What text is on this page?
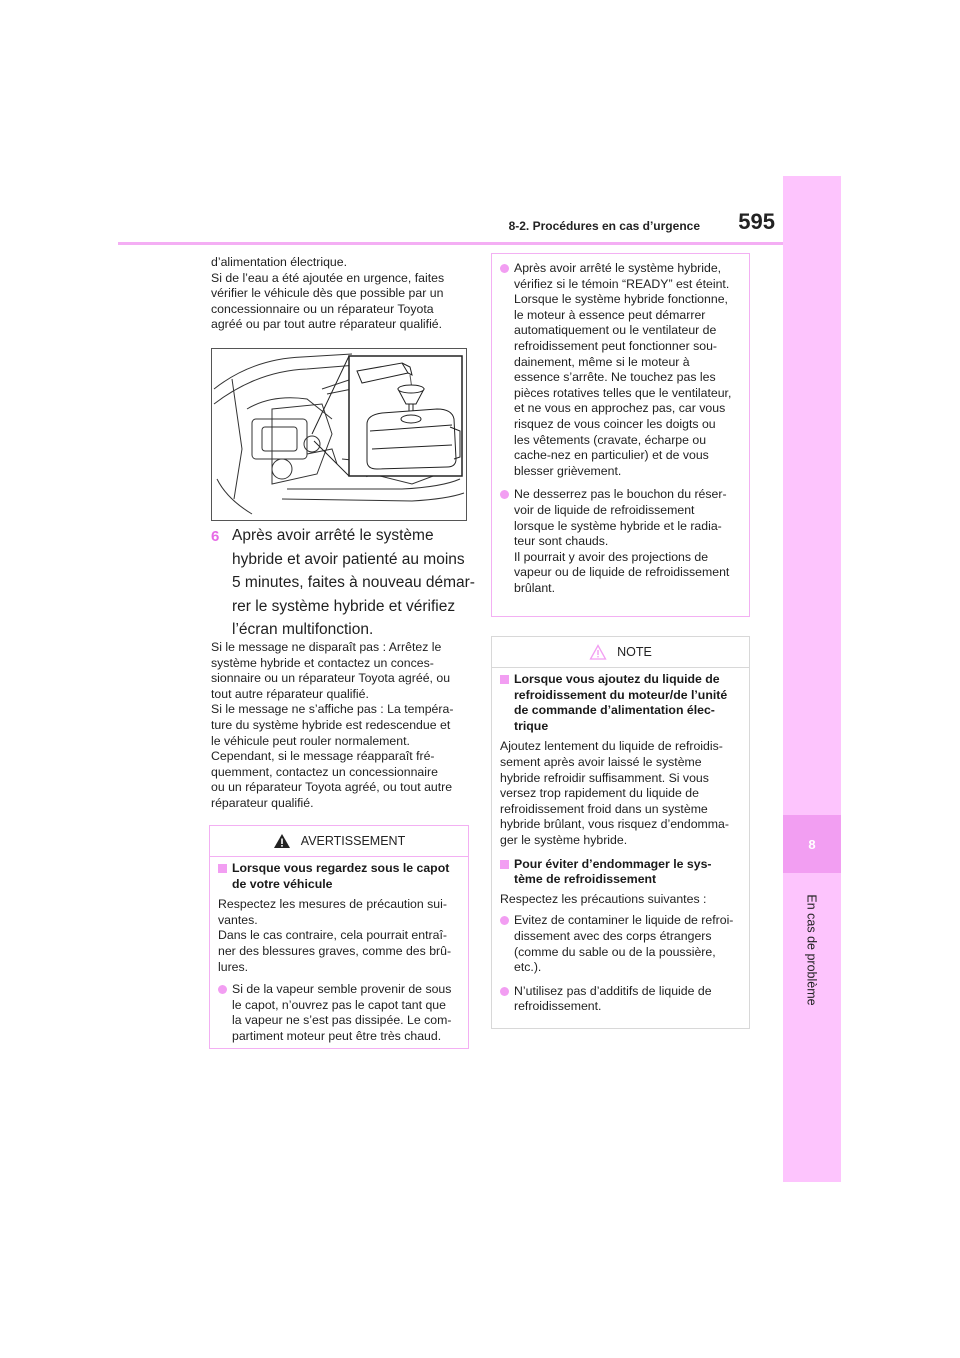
8-2. Procédures en cas d’urgence	595
8
En cas de problème
d’alimentation électrique.
Si de l’eau a été ajoutée en urgence, faites
vérifier le véhicule dès que possible par un
concessionnaire ou un réparateur Toyota
agréé ou par tout autre réparateur qualifié.
6 Après avoir arrêté le système
hybride et avoir patienté au moins
5 minutes, faites à nouveau démar-
rer le système hybride et vérifiez
l’écran multifonction.
Si le message ne disparaît pas : Arrêtez le
système hybride et contactez un conces-
sionnaire ou un réparateur Toyota agréé, ou
tout autre réparateur qualifié.
Si le message ne s’affiche pas : La tempéra-
ture du système hybride est redescendue et
le véhicule peut rouler normalement.
Cependant, si le message réapparaît fré-
quemment, contactez un concessionnaire
ou un réparateur Toyota agréé, ou tout autre
réparateur qualifié.
AVERTISSEMENT
Lorsque vous regardez sous le capot
de votre véhicule
Respectez les mesures de précaution sui-
vantes.
Dans le cas contraire, cela pourrait entraî-
ner des blessures graves, comme des brû-
lures.
Si de la vapeur semble provenir de sous
le capot, n’ouvrez pas le capot tant que
la vapeur ne s’est pas dissipée. Le com-
partiment moteur peut être très chaud.
Après avoir arrêté le système hybride,
vérifiez si le témoin “READY” est éteint.
Lorsque le système hybride fonctionne,
le moteur à essence peut démarrer
automatiquement ou le ventilateur de
refroidissement peut fonctionner sou-
dainement, même si le moteur à
essence s’arrête. Ne touchez pas les
pièces rotatives telles que le ventilateur,
et ne vous en approchez pas, car vous
risquez de vous coincer les doigts ou
les vêtements (cravate, écharpe ou
cache-nez en particulier) et de vous
blesser grièvement.
Ne desserrez pas le bouchon du réser-
voir de liquide de refroidissement
lorsque le système hybride et le radia-
teur sont chauds.
Il pourrait y avoir des projections de
vapeur ou de liquide de refroidissement
brûlant.
NOTE
Lorsque vous ajoutez du liquide de
refroidissement du moteur/de l’unité
de commande d’alimentation élec-
trique
Ajoutez lentement du liquide de refroidis-
sement après avoir laissé le système
hybride refroidir suffisamment. Si vous
versez trop rapidement du liquide de
refroidissement froid dans un système
hybride brûlant, vous risquez d’endomma-
ger le système hybride.
Pour éviter d’endommager le sys-
tème de refroidissement
Respectez les précautions suivantes :
Evitez de contaminer le liquide de refroi-
dissement avec des corps étrangers
(comme du sable ou de la poussière,
etc.).
N’utilisez pas d’additifs de liquide de
refroidissement.
